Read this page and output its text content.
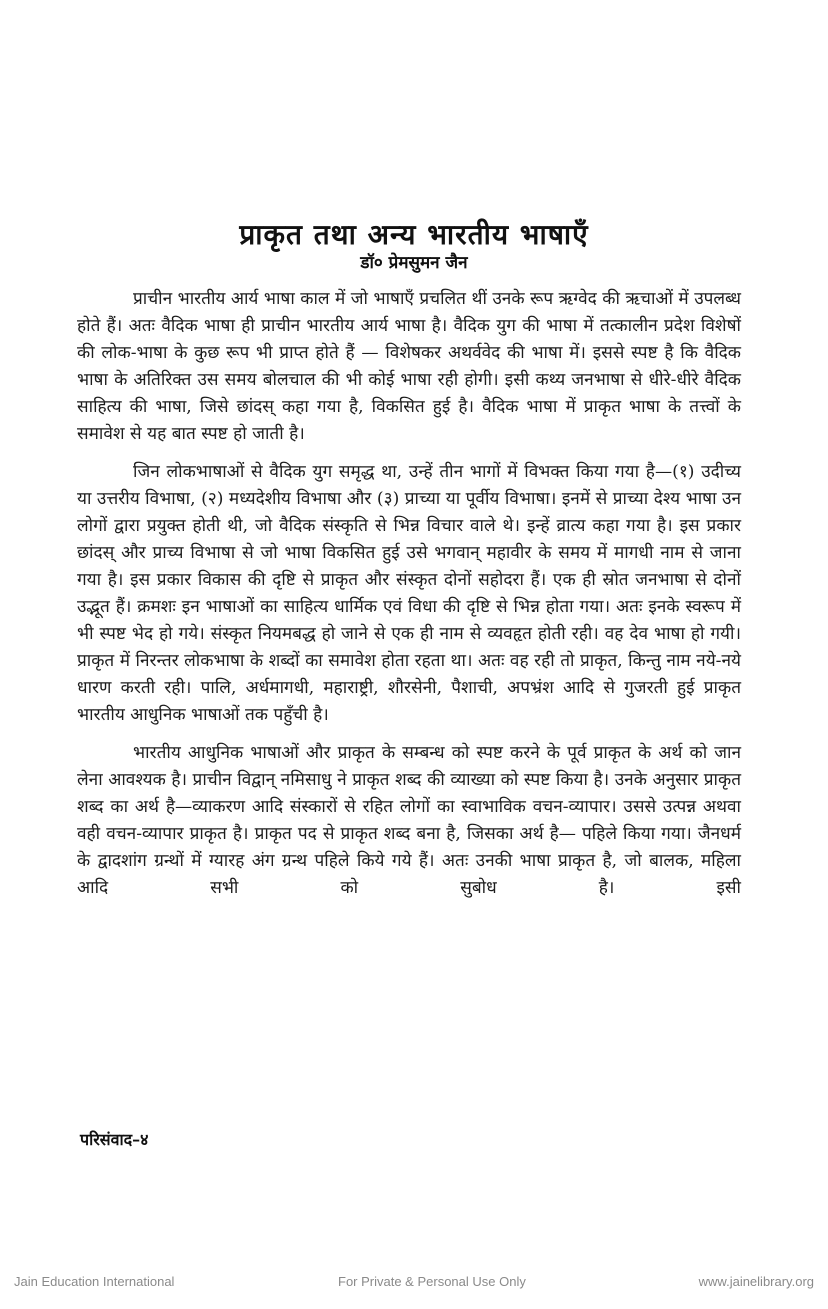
प्राकृत तथा अन्य भारतीय भाषाएँ
डॉ० प्रेमसुमन जैन

प्राचीन भारतीय आर्य भाषा काल में जो भाषाएँ प्रचलित थीं उनके रूप ऋग्वेद की ऋचाओं में उपलब्ध होते हैं। अतः वैदिक भाषा ही प्राचीन भारतीय आर्य भाषा है। वैदिक युग की भाषा में तत्कालीन प्रदेश विशेषों की लोक-भाषा के कुछ रूप भी प्राप्त होते हैं — विशेषकर अथर्ववेद की भाषा में। इससे स्पष्ट है कि वैदिक भाषा के अतिरिक्त उस समय बोलचाल की भी कोई भाषा रही होगी। इसी कथ्य जनभाषा से धीरे-धीरे वैदिक साहित्य की भाषा, जिसे छांदस् कहा गया है, विकसित हुई है। वैदिक भाषा में प्राकृत भाषा के तत्त्वों के समावेश से यह बात स्पष्ट हो जाती है।

जिन लोकभाषाओं से वैदिक युग समृद्ध था, उन्हें तीन भागों में विभक्त किया गया है—(१) उदीच्य या उत्तरीय विभाषा, (२) मध्यदेशीय विभाषा और (३) प्राच्या या पूर्वीय विभाषा। इनमें से प्राच्या देश्य भाषा उन लोगों द्वारा प्रयुक्त होती थी, जो वैदिक संस्कृति से भिन्न विचार वाले थे। इन्हें व्रात्य कहा गया है। इस प्रकार छांदस् और प्राच्य विभाषा से जो भाषा विकसित हुई उसे भगवान् महावीर के समय में मागधी नाम से जाना गया है। इस प्रकार विकास की दृष्टि से प्राकृत और संस्कृत दोनों सहोदरा हैं। एक ही स्रोत जनभाषा से दोनों उद्भूत हैं। क्रमशः इन भाषाओं का साहित्य धार्मिक एवं विधा की दृष्टि से भिन्न होता गया। अतः इनके स्वरूप में भी स्पष्ट भेद हो गये। संस्कृत नियमबद्ध हो जाने से एक ही नाम से व्यवहृत होती रही। वह देव भाषा हो गयी। प्राकृत में निरन्तर लोकभाषा के शब्दों का समावेश होता रहता था। अतः वह रही तो प्राकृत, किन्तु नाम नये-नये धारण करती रही। पालि, अर्धमागधी, महाराष्ट्री, शौरसेनी, पैशाची, अपभ्रंश आदि से गुजरती हुई प्राकृत भारतीय आधुनिक भाषाओं तक पहुँची है।

भारतीय आधुनिक भाषाओं और प्राकृत के सम्बन्ध को स्पष्ट करने के पूर्व प्राकृत के अर्थ को जान लेना आवश्यक है। प्राचीन विद्वान् नमिसाधु ने प्राकृत शब्द की व्याख्या को स्पष्ट किया है। उनके अनुसार प्राकृत शब्द का अर्थ है—व्याकरण आदि संस्कारों से रहित लोगों का स्वाभाविक वचन-व्यापार। उससे उत्पन्न अथवा वही वचन-व्यापार प्राकृत है। प्राकृत पद से प्राकृत शब्द बना है, जिसका अर्थ है— पहिले किया गया। जैनधर्म के द्वादशांग ग्रन्थों में ग्यारह अंग ग्रन्थ पहिले किये गये हैं। अतः उनकी भाषा प्राकृत है, जो बालक, महिला आदि सभी को सुबोध है। इसी

परिसंवाद–४
Jain Education International	For Private & Personal Use Only	www.jainelibrary.org
